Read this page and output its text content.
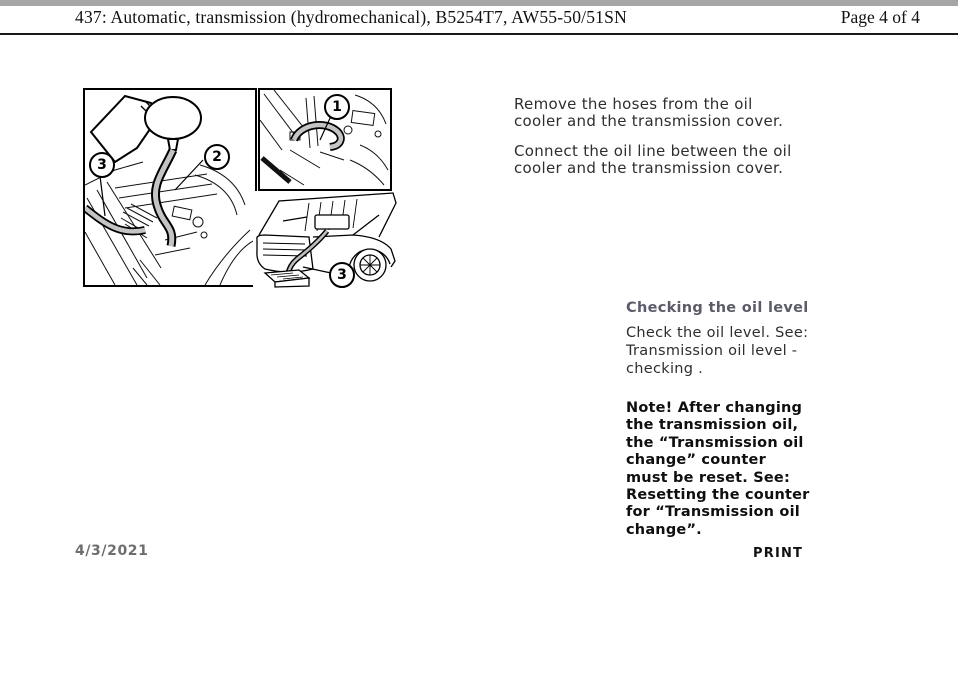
437: Automatic, transmission (hydromechanical), B5254T7, AW55-50/51SN	Page 4 of 4
3	2
1
3
Remove the hoses from the oil
cooler and the transmission cover.
Connect the oil line between the oil
cooler and the transmission cover.
Checking the oil level
Check the oil level. See:
Transmission oil level -
checking .
Note! After changing
the transmission oil,
the “Transmission oil
change” counter
must be reset. See:
Resetting the counter
for “Transmission oil
change”.
4/3/2021	PRINT
